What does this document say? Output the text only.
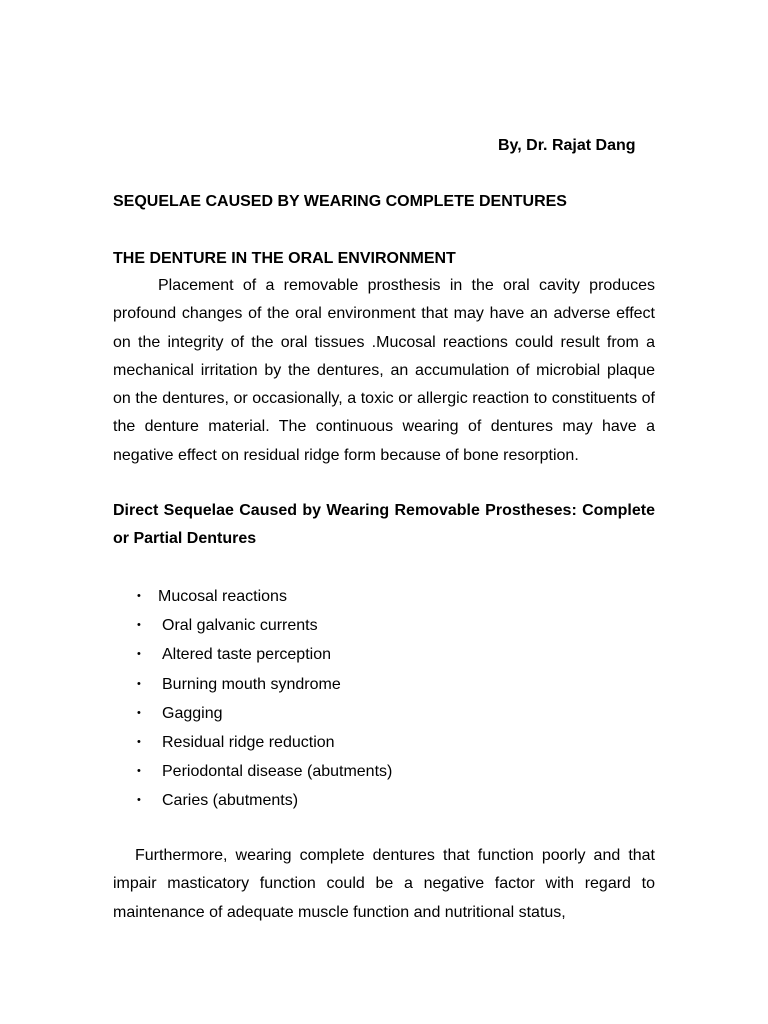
By, Dr. Rajat Dang
SEQUELAE CAUSED BY WEARING COMPLETE DENTURES
THE DENTURE IN THE ORAL ENVIRONMENT

Placement of a removable prosthesis in the oral cavity produces profound changes of the oral environment that may have an adverse effect on the integrity of the oral tissues .Mucosal reactions could result from a mechanical irritation by the dentures, an accumulation of microbial plaque on the dentures, or occasionally, a toxic or allergic reaction to constituents of the denture material. The continuous wearing of dentures may have a negative effect on residual ridge form because of bone resorption.

Direct Sequelae Caused by Wearing Removable Prostheses: Complete or Partial Dentures

• Mucosal reactions
• Oral galvanic currents
• Altered taste perception
• Burning mouth syndrome
• Gagging
• Residual ridge reduction
• Periodontal disease (abutments)
• Caries (abutments)

Furthermore, wearing complete dentures that function poorly and that impair masticatory function could be a negative factor with regard to maintenance of adequate muscle function and nutritional status,
